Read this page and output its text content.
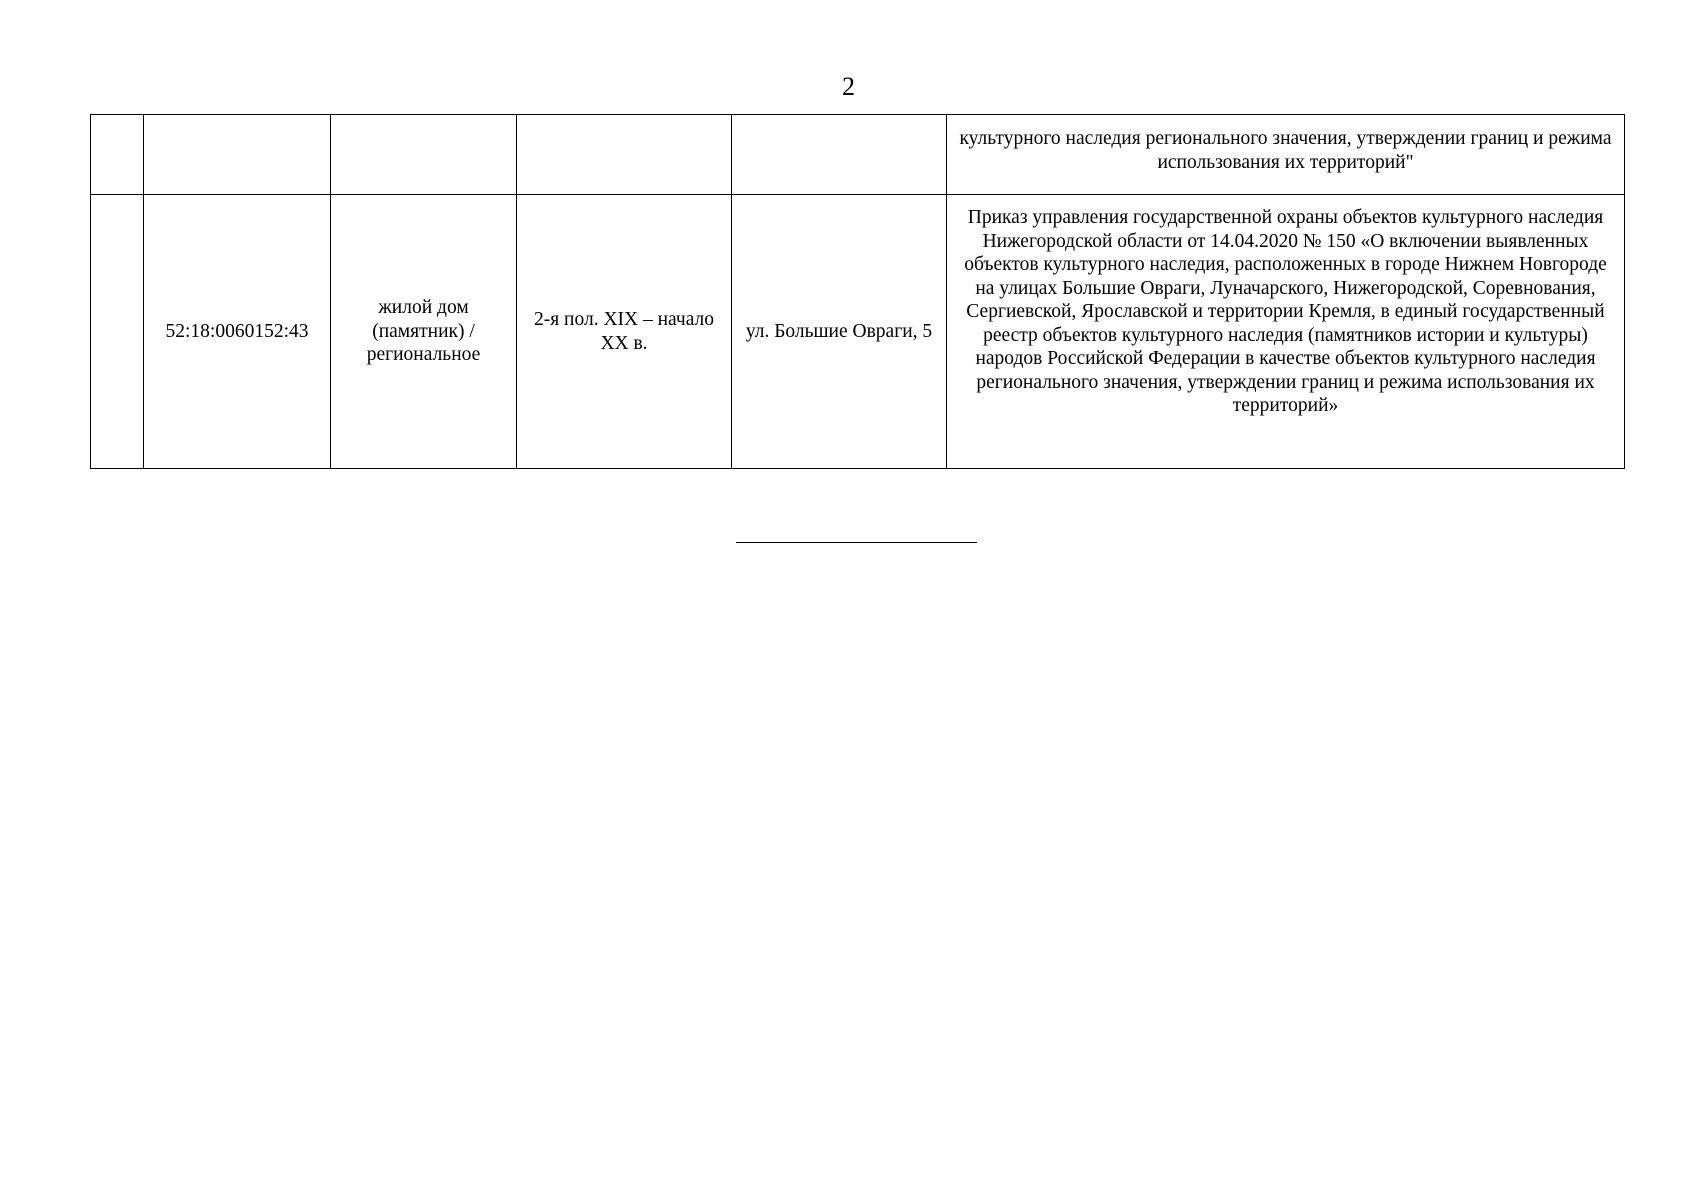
2
					культурного наследия регионального значения, утверждении границ и режима использования их территорий"
	52:18:0060152:43	жилой дом (памятник) / региональное	2-я пол. XIX – начало XX в.	ул. Большие Овраги, 5	Приказ управления государственной охраны объектов культурного наследия Нижегородской области от 14.04.2020 № 150 «О включении выявленных объектов культурного наследия, расположенных в городе Нижнем Новгороде на улицах Большие Овраги, Луначарского, Нижегородской, Соревнования, Сергиевской, Ярославской и территории Кремля, в единый государственный реестр объектов культурного наследия (памятников истории и культуры) народов Российской Федерации в качестве объектов культурного наследия регионального значения, утверждении границ и режима использования их территорий»
